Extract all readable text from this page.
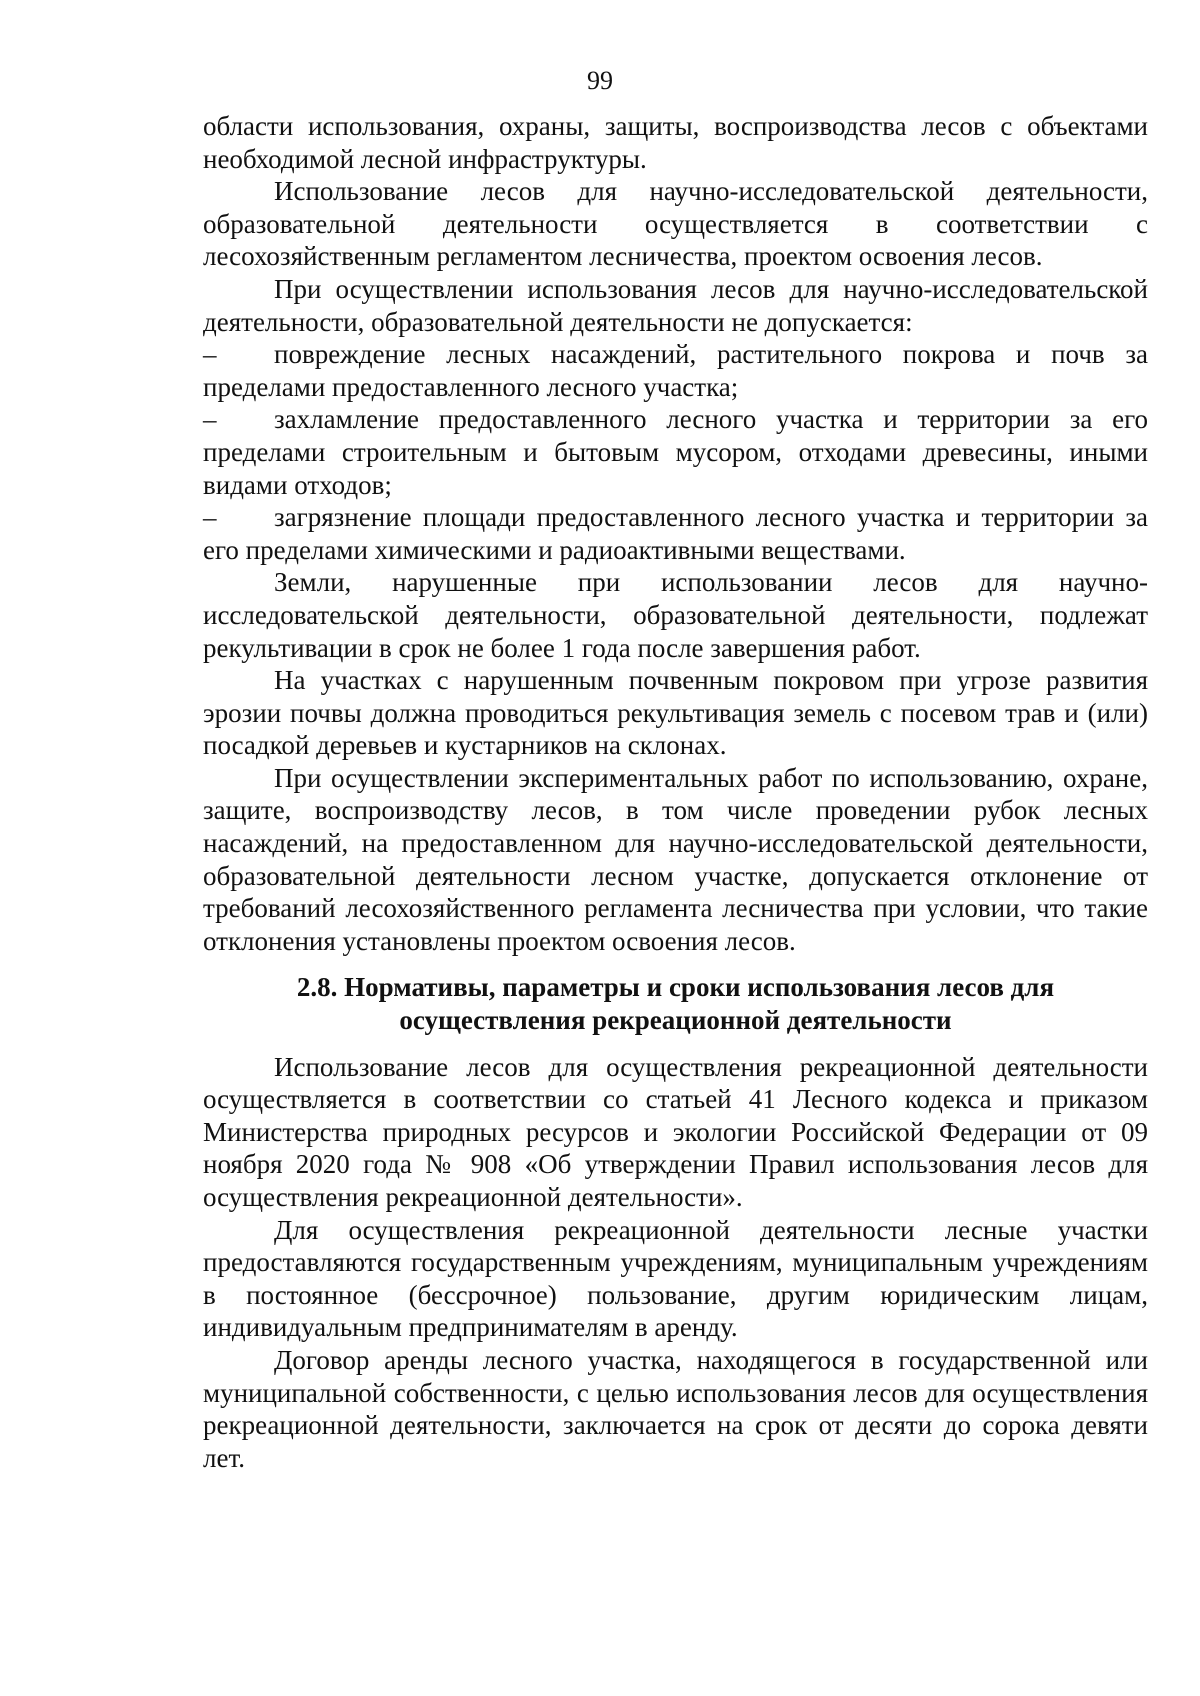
99

области использования, охраны, защиты, воспроизводства лесов с объектами необходимой лесной инфраструктуры.

Использование лесов для научно-исследовательской деятельности, образовательной деятельности осуществляется в соответствии с лесохозяйственным регламентом лесничества, проектом освоения лесов.

При осуществлении использования лесов для научно-исследовательской деятельности, образовательной деятельности не допускается:

– повреждение лесных насаждений, растительного покрова и почв за пределами предоставленного лесного участка;

– захламление предоставленного лесного участка и территории за его пределами строительным и бытовым мусором, отходами древесины, иными видами отходов;

– загрязнение площади предоставленного лесного участка и территории за его пределами химическими и радиоактивными веществами.

Земли, нарушенные при использовании лесов для научно-исследовательской деятельности, образовательной деятельности, подлежат рекультивации в срок не более 1 года после завершения работ.

На участках с нарушенным почвенным покровом при угрозе развития эрозии почвы должна проводиться рекультивация земель с посевом трав и (или) посадкой деревьев и кустарников на склонах.

При осуществлении экспериментальных работ по использованию, охране, защите, воспроизводству лесов, в том числе проведении рубок лесных насаждений, на предоставленном для научно-исследовательской деятельности, образовательной деятельности лесном участке, допускается отклонение от требований лесохозяйственного регламента лесничества при условии, что такие отклонения установлены проектом освоения лесов.

2.8. Нормативы, параметры и сроки использования лесов для
осуществления рекреационной деятельности

Использование лесов для осуществления рекреационной деятельности осуществляется в соответствии со статьей 41 Лесного кодекса и приказом Министерства природных ресурсов и экологии Российской Федерации от 09 ноября 2020 года № 908 «Об утверждении Правил использования лесов для осуществления рекреационной деятельности».

Для осуществления рекреационной деятельности лесные участки предоставляются государственным учреждениям, муниципальным учреждениям в постоянное (бессрочное) пользование, другим юридическим лицам, индивидуальным предпринимателям в аренду.

Договор аренды лесного участка, находящегося в государственной или муниципальной собственности, с целью использования лесов для осуществления рекреационной деятельности, заключается на срок от десяти до сорока девяти лет.
